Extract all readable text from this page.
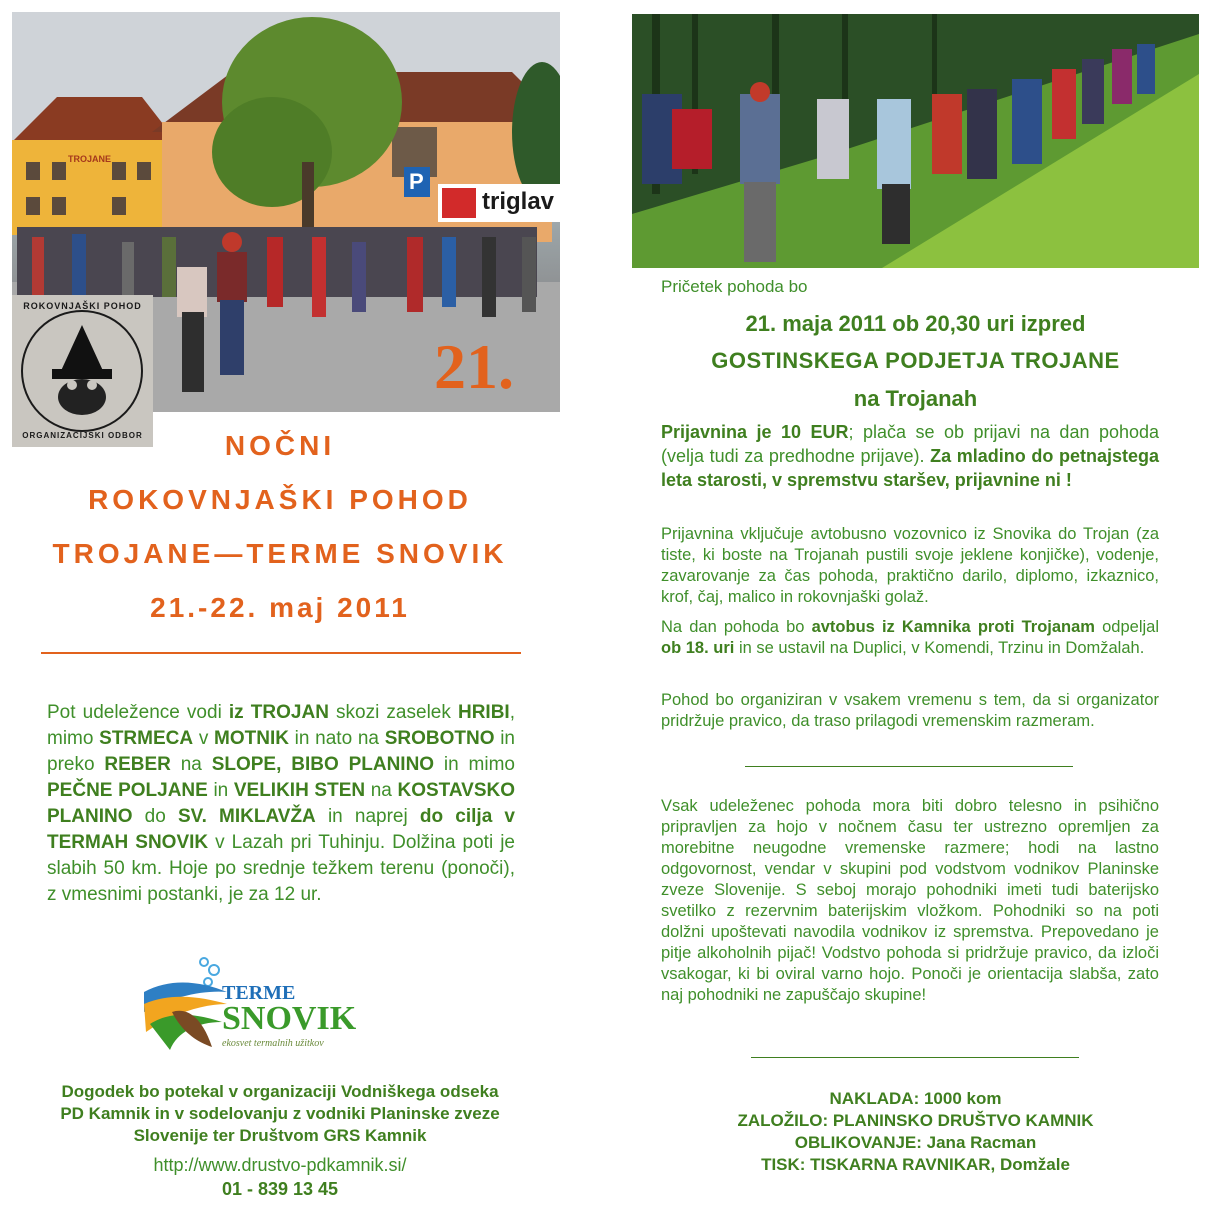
TROJANE
P
triglav
21.
ROKOVNJAŠKI POHOD
ORGANIZACIJSKI ODBOR	NOČNI
ROKOVNJAŠKI POHOD
TROJANE—TERME SNOVIK
21.-22. maj 2011
Pot udeležence vodi iz TROJAN skozi zaselek HRIBI, mimo STRMECA v MOTNIK in nato na SROBOTNO in preko REBER na SLOPE, BIBO PLANINO in mimo PEČNE POLJANE in VELIKIH STEN na KOSTAVSKO PLANINO do SV. MIKLAVŽA in naprej do cilja v TERMAH SNOVIK v Lazah pri Tuhinju. Dolžina poti je slabih 50 km. Hoje po srednje težkem terenu (ponoči), z vmesnimi postanki, je za 12 ur.
TERME
SNOVIK
ekosvet termalnih užitkov
Dogodek bo potekal v organizaciji Vodniškega odseka
PD Kamnik in v sodelovanju z vodniki Planinske zveze
Slovenije ter Društvom GRS Kamnik
http://www.drustvo-pdkamnik.si/
01 - 839 13 45
Pričetek pohoda bo
21. maja 2011 ob 20,30 uri izpred
GOSTINSKEGA PODJETJA TROJANE
na Trojanah
Prijavnina je 10 EUR; plača se ob prijavi na dan pohoda (velja tudi za predhodne prijave). Za mladino do petnajstega leta starosti, v spremstvu staršev, prijavnine ni !
Prijavnina vključuje avtobusno vozovnico iz Snovika do Trojan (za tiste, ki boste na Trojanah pustili svoje jeklene konjičke), vodenje, zavarovanje za čas pohoda, praktično darilo, diplomo, izkaznico, krof, čaj, malico in rokovnjaški golaž.
Na dan pohoda bo avtobus iz Kamnika proti Trojanam odpeljal ob 18. uri in se ustavil na Duplici, v Komendi, Trzinu in Domžalah.
Pohod bo organiziran v vsakem vremenu s tem, da si organizator pridržuje pravico, da traso prilagodi vremenskim razmeram.
Vsak udeleženec pohoda mora biti dobro telesno in psihično pripravljen za hojo v nočnem času ter ustrezno opremljen za morebitne neugodne vremenske razmere; hodi na lastno odgovornost, vendar v skupini pod vodstvom vodnikov Planinske zveze Slovenije. S seboj morajo pohodniki imeti tudi baterijsko svetilko z rezervnim baterijskim vložkom. Pohodniki so na poti dolžni upoštevati navodila vodnikov iz spremstva. Prepovedano je pitje alkoholnih pijač! Vodstvo pohoda si pridržuje pravico, da izloči vsakogar, ki bi oviral varno hojo. Ponoči je orientacija slabša, zato naj pohodniki ne zapuščajo skupine!
NAKLADA: 1000 kom
ZALOŽILO: PLANINSKO DRUŠTVO KAMNIK
OBLIKOVANJE: Jana Racman
TISK: TISKARNA RAVNIKAR, Domžale
